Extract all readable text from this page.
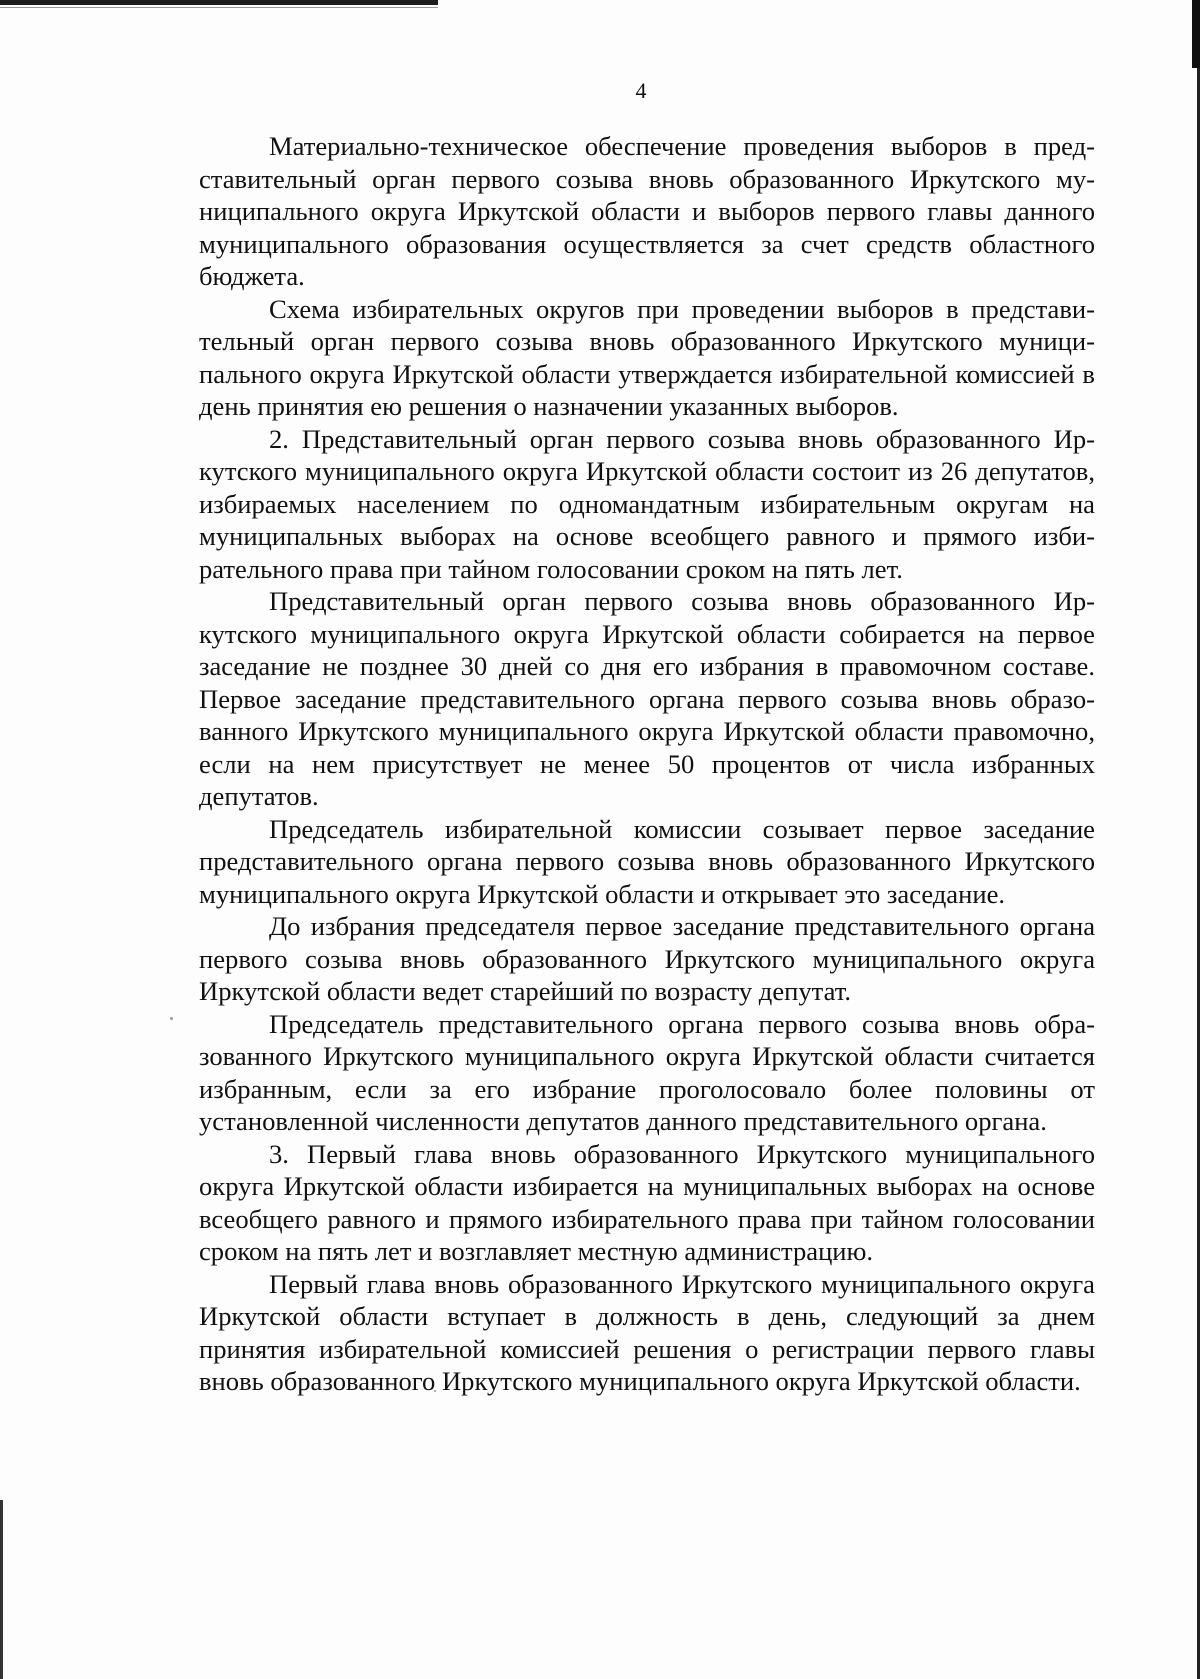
4

Материально-техническое обеспечение проведения выборов в представительный орган первого созыва вновь образованного Иркутского муниципального округа Иркутской области и выборов первого главы данного муниципального образования осуществляется за счет средств областного бюджета.

Схема избирательных округов при проведении выборов в представительный орган первого созыва вновь образованного Иркутского муниципального округа Иркутской области утверждается избирательной комиссией в день принятия ею решения о назначении указанных выборов.

2. Представительный орган первого созыва вновь образованного Иркутского муниципального округа Иркутской области состоит из 26 депутатов, избираемых населением по одномандатным избирательным округам на муниципальных выборах на основе всеобщего равного и прямого избирательного права при тайном голосовании сроком на пять лет.

Представительный орган первого созыва вновь образованного Иркутского муниципального округа Иркутской области собирается на первое заседание не позднее 30 дней со дня его избрания в правомочном составе. Первое заседание представительного органа первого созыва вновь образованного Иркутского муниципального округа Иркутской области правомочно, если на нем присутствует не менее 50 процентов от числа избранных депутатов.

Председатель избирательной комиссии созывает первое заседание представительного органа первого созыва вновь образованного Иркутского муниципального округа Иркутской области и открывает это заседание.

До избрания председателя первое заседание представительного органа первого созыва вновь образованного Иркутского муниципального округа Иркутской области ведет старейший по возрасту депутат.

Председатель представительного органа первого созыва вновь образованного Иркутского муниципального округа Иркутской области считается избранным, если за его избрание проголосовало более половины от установленной численности депутатов данного представительного органа.

3. Первый глава вновь образованного Иркутского муниципального округа Иркутской области избирается на муниципальных выборах на основе всеобщего равного и прямого избирательного права при тайном голосовании сроком на пять лет и возглавляет местную администрацию.

Первый глава вновь образованного Иркутского муниципального округа Иркутской области вступает в должность в день, следующий за днем принятия избирательной комиссией решения о регистрации первого главы вновь образованного Иркутского муниципального округа Иркутской области.
